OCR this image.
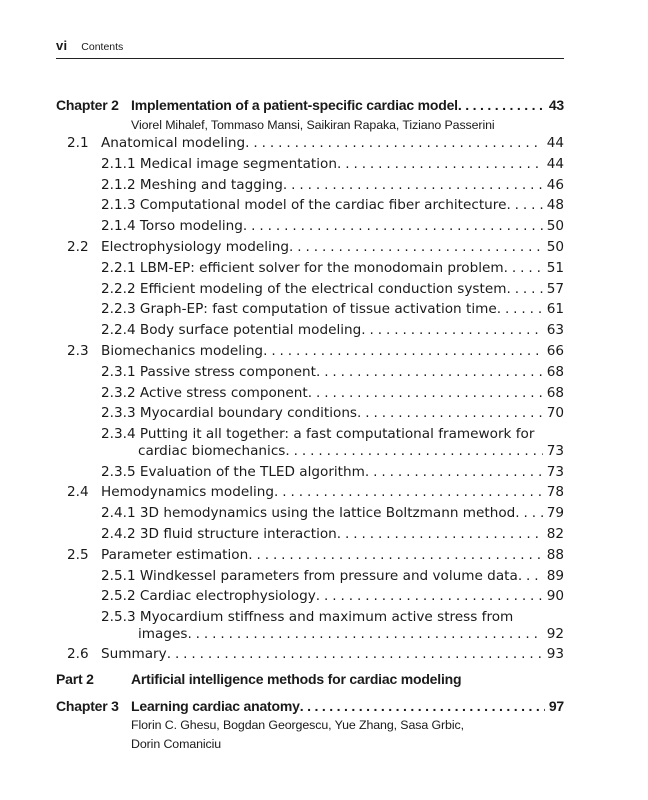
vi Contents
Chapter 2 Implementation of a patient-specific cardiac model . . .	43
Viorel Mihalef, Tommaso Mansi, Saikiran Rapaka, Tiziano Passerini
2.1 Anatomical modeling . . .	44
2.1.1 Medical image segmentation . . .	44
2.1.2 Meshing and tagging . . .	46
2.1.3 Computational model of the cardiac fiber architecture . . .	48
2.1.4 Torso modeling . . .	50
2.2 Electrophysiology modeling . . .	50
2.2.1 LBM-EP: efficient solver for the monodomain problem . . .	51
2.2.2 Efficient modeling of the electrical conduction system . . .	57
2.2.3 Graph-EP: fast computation of tissue activation time . . .	61
2.2.4 Body surface potential modeling . . .	63
2.3 Biomechanics modeling . . .	66
2.3.1 Passive stress component . . .	68
2.3.2 Active stress component . . .	68
2.3.3 Myocardial boundary conditions . . .	70
2.3.4 Putting it all together: a fast computational framework for
cardiac biomechanics . . .	73
2.3.5 Evaluation of the TLED algorithm . . .	73
2.4 Hemodynamics modeling . . .	78
2.4.1 3D hemodynamics using the lattice Boltzmann method . . . 79
2.4.2 3D fluid structure interaction . . .	82
2.5 Parameter estimation . . .	88
2.5.1 Windkessel parameters from pressure and volume data . . . 89
2.5.2 Cardiac electrophysiology . . .	90
2.5.3 Myocardium stiffness and maximum active stress from
images . . .	92
2.6 Summary . . .	93
Part 2	Artificial intelligence methods for cardiac modeling
Chapter 3 Learning cardiac anatomy . . .	97
Florin C. Ghesu, Bogdan Georgescu, Yue Zhang, Sasa Grbic,
Dorin Comaniciu
